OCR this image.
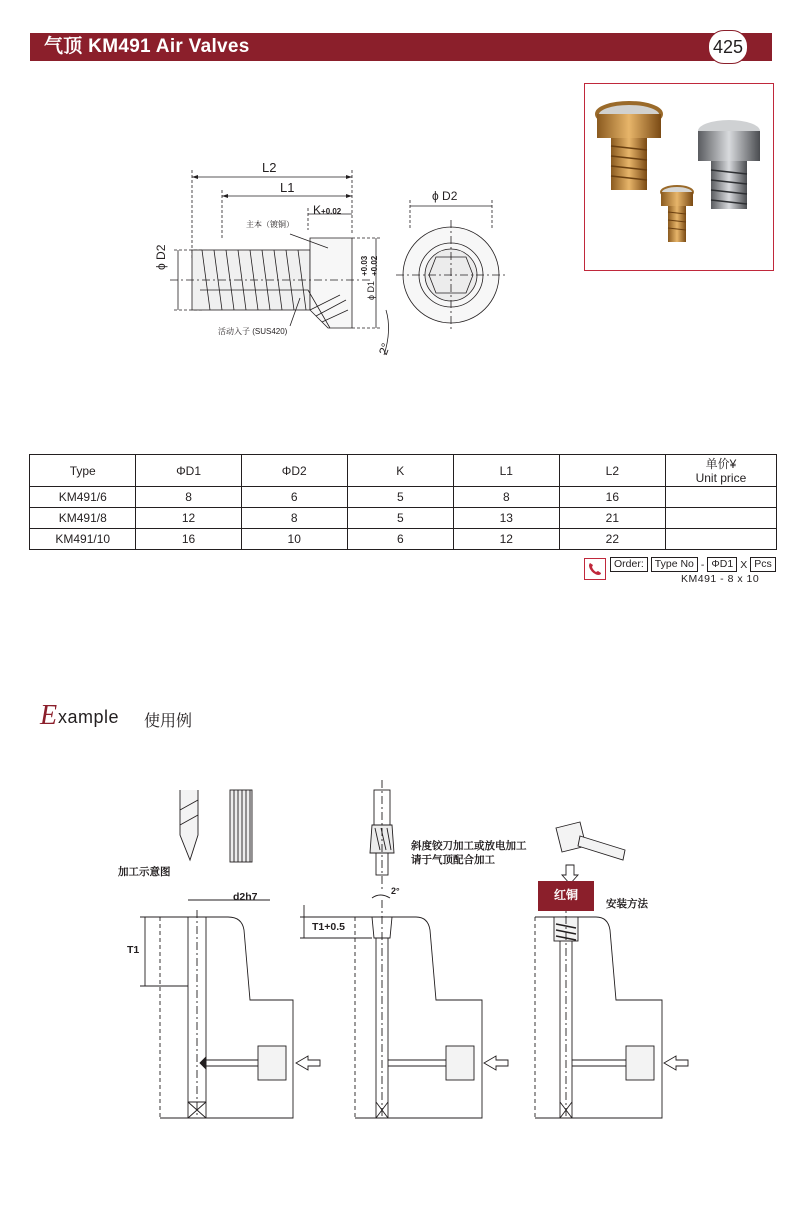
气顶 KM491 Air Valves	425
L2
L1
K+0.02
主本（镀铜）
活动入子 (SUS420)
ϕ D2
ϕ D1
+0.03 +0.02
2°
ϕ D2
Type	ΦD1	ΦD2	K	L1	L2	单价¥
Unit price

KM491/6	8	6	5	8	16	
KM491/8	12	8	5	13	21	
KM491/10	16	10	6	12	22	
Order:	Type No - ΦD1 X Pcs
KM491 - 8 x 10
E xample 使用例
加工示意图
d2h7
T1
斜度铰刀加工或放电加工
请于气顶配合加工
T1+0.5
2°	红铜
安装方法
